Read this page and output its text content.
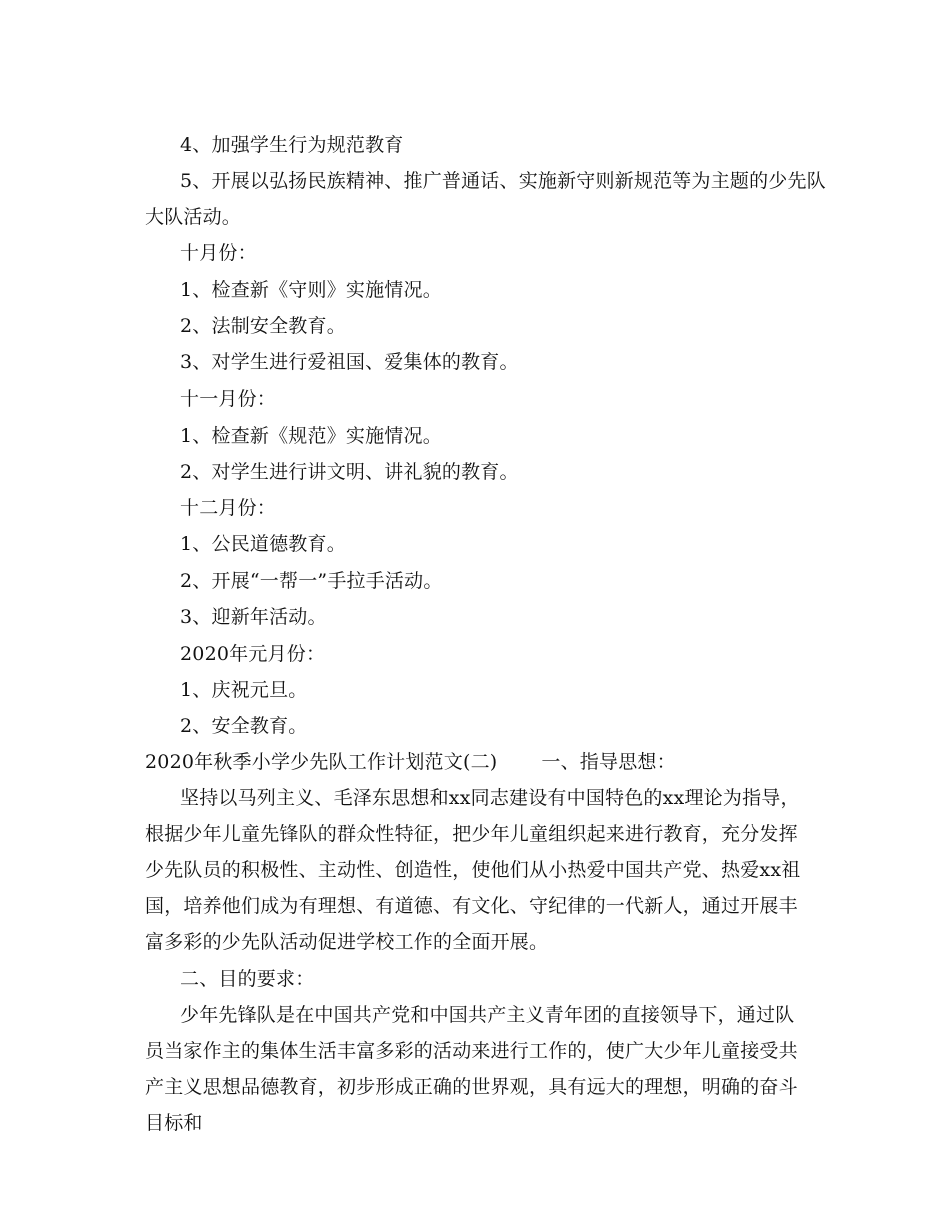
4、加强学生行为规范教育
5、开展以弘扬民族精神、推广普通话、实施新守则新规范等为主题的少先队
大队活动。
十月份：
1、检查新《守则》实施情况。
2、法制安全教育。
3、对学生进行爱祖国、爱集体的教育。
十一月份：
1、检查新《规范》实施情况。
2、对学生进行讲文明、讲礼貌的教育。
十二月份：
1、公民道德教育。
2、开展“一帮一”手拉手活动。
3、迎新年活动。
2020年元月份：
1、庆祝元旦。
2、安全教育。
2020年秋季小学少先队工作计划范文(二) 一、指导思想：
坚持以马列主义、毛泽东思想和xx同志建设有中国特色的xx理论为指导，根据少年儿童先锋队的群众性特征，把少年儿童组织起来进行教育，充分发挥少先队员的积极性、主动性、创造性，使他们从小热爱中国共产党、热爱xx祖国，培养他们成为有理想、有道德、有文化、守纪律的一代新人，通过开展丰富多彩的少先队活动促进学校工作的全面开展。
二、目的要求：
少年先锋队是在中国共产党和中国共产主义青年团的直接领导下，通过队员当家作主的集体生活丰富多彩的活动来进行工作的，使广大少年儿童接受共产主义思想品德教育，初步形成正确的世界观，具有远大的理想，明确的奋斗目标和
